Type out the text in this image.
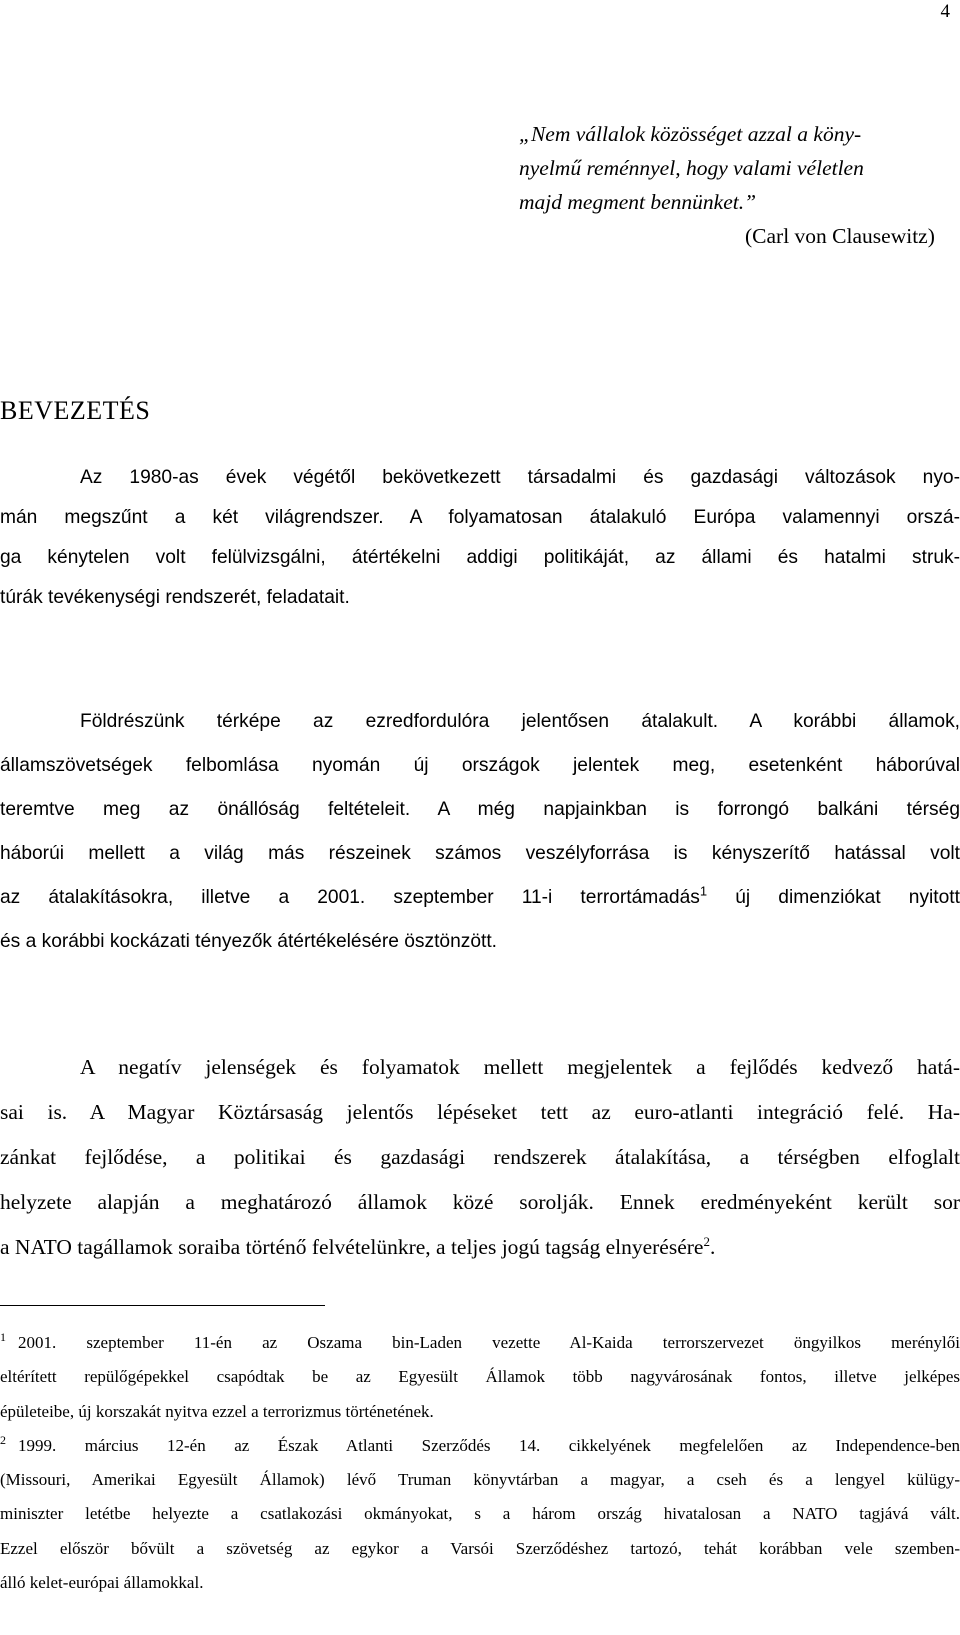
4
„Nem vállalok közösséget azzal a köny-
nyelmű reménnyel, hogy valami véletlen
majd megment bennünket.”
(Carl von Clausewitz)
BEVEZETÉS

Az 1980-as évek végétől bekövetkezett társadalmi és gazdasági változások nyo-
mán megszűnt a két világrendszer. A folyamatosan átalakuló Európa valamennyi orszá-
ga kénytelen volt felülvizsgálni, átértékelni addigi politikáját, az állami és hatalmi struk-
túrák tevékenységi rendszerét, feladatait.

Földrészünk térképe az ezredfordulóra jelentősen átalakult. A korábbi államok,
államszövetségek felbomlása nyomán új országok jelentek meg, esetenként háborúval
teremtve meg az önállóság feltételeit. A még napjainkban is forrongó balkáni térség
háborúi mellett a világ más részeinek számos veszélyforrása is kényszerítő hatással volt
az átalakításokra, illetve a 2001. szeptember 11-i terrortámadás$^1$ új dimenziókat nyitott
és a korábbi kockázati tényezők átértékelésére ösztönzött.

A negatív jelenségek és folyamatok mellett megjelentek a fejlődés kedvező hatá-
sai is. A Magyar Köztársaság jelentős lépéseket tett az euro-atlanti integráció felé. Ha-
zánkat fejlődése, a politikai és gazdasági rendszerek átalakítása, a térségben elfoglalt
helyzete alapján a meghatározó államok közé sorolják. Ennek eredményeként került sor
a NATO tagállamok soraiba történő felvételünkre, a teljes jogú tagság elnyerésére$^2$.

$^1$ 2001. szeptember 11-én az Oszama bin-Laden vezette Al-Kaida terrorszervezet öngyilkos merénylői
eltérített repülőgépekkel csapódtak be az Egyesült Államok több nagyvárosának fontos, illetve jelképes
épületeibe, új korszakát nyitva ezzel a terrorizmus történetének.
$^2$ 1999. március 12-én az Észak Atlanti Szerződés 14. cikkelyének megfelelően az Independence-ben
(Missouri, Amerikai Egyesült Államok) lévő Truman könyvtárban a magyar, a cseh és a lengyel külügy-
miniszter letétbe helyezte a csatlakozási okmányokat, s a három ország hivatalosan a NATO tagjává vált.
Ezzel először bővült a szövetség az egykor a Varsói Szerződéshez tartozó, tehát korábban vele szemben-
álló kelet-európai államokkal.
